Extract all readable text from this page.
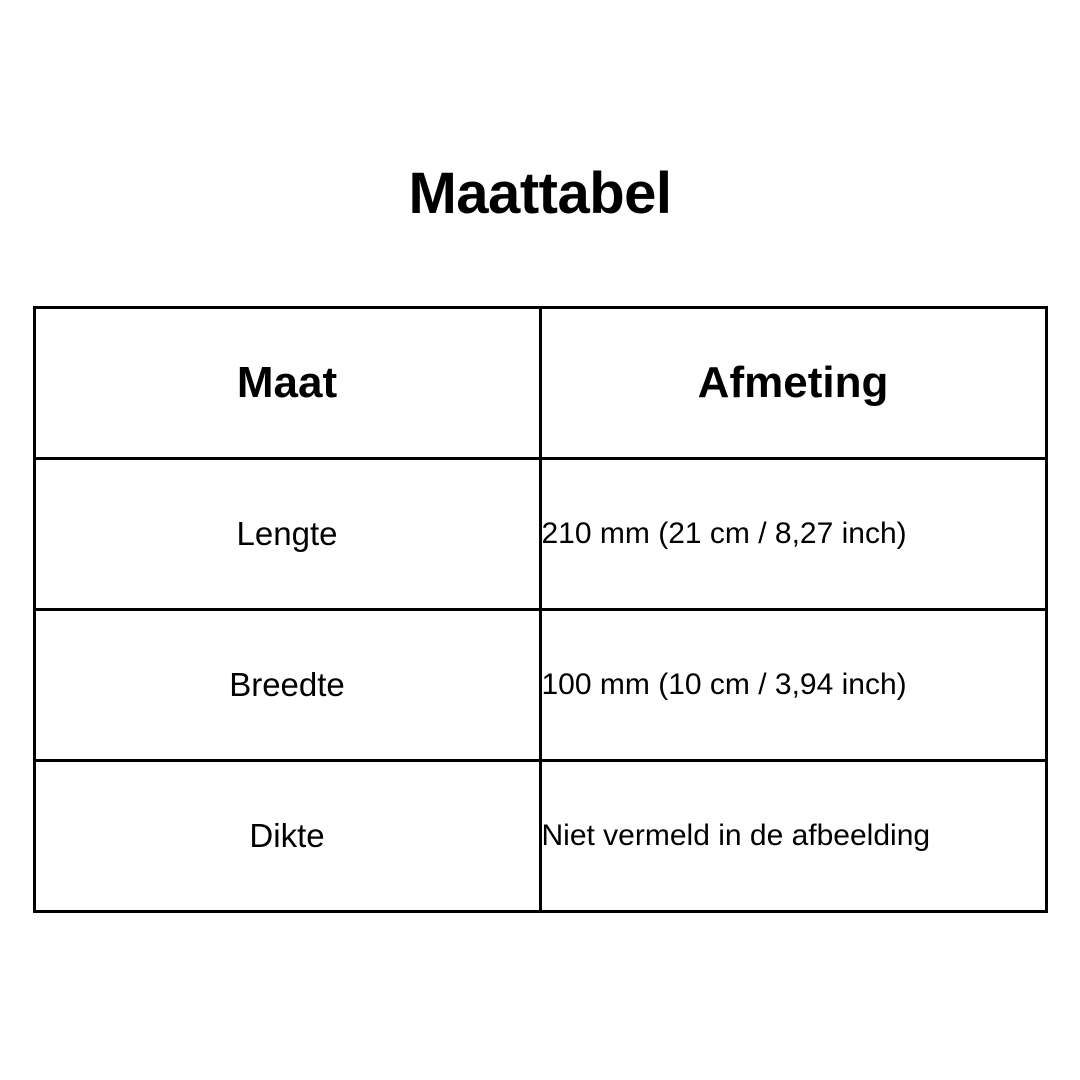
Maattabel
Maat	Afmeting
Lengte	210 mm (21 cm / 8,27 inch)
Breedte	100 mm (10 cm / 3,94 inch)
Dikte	Niet vermeld in de afbeelding
